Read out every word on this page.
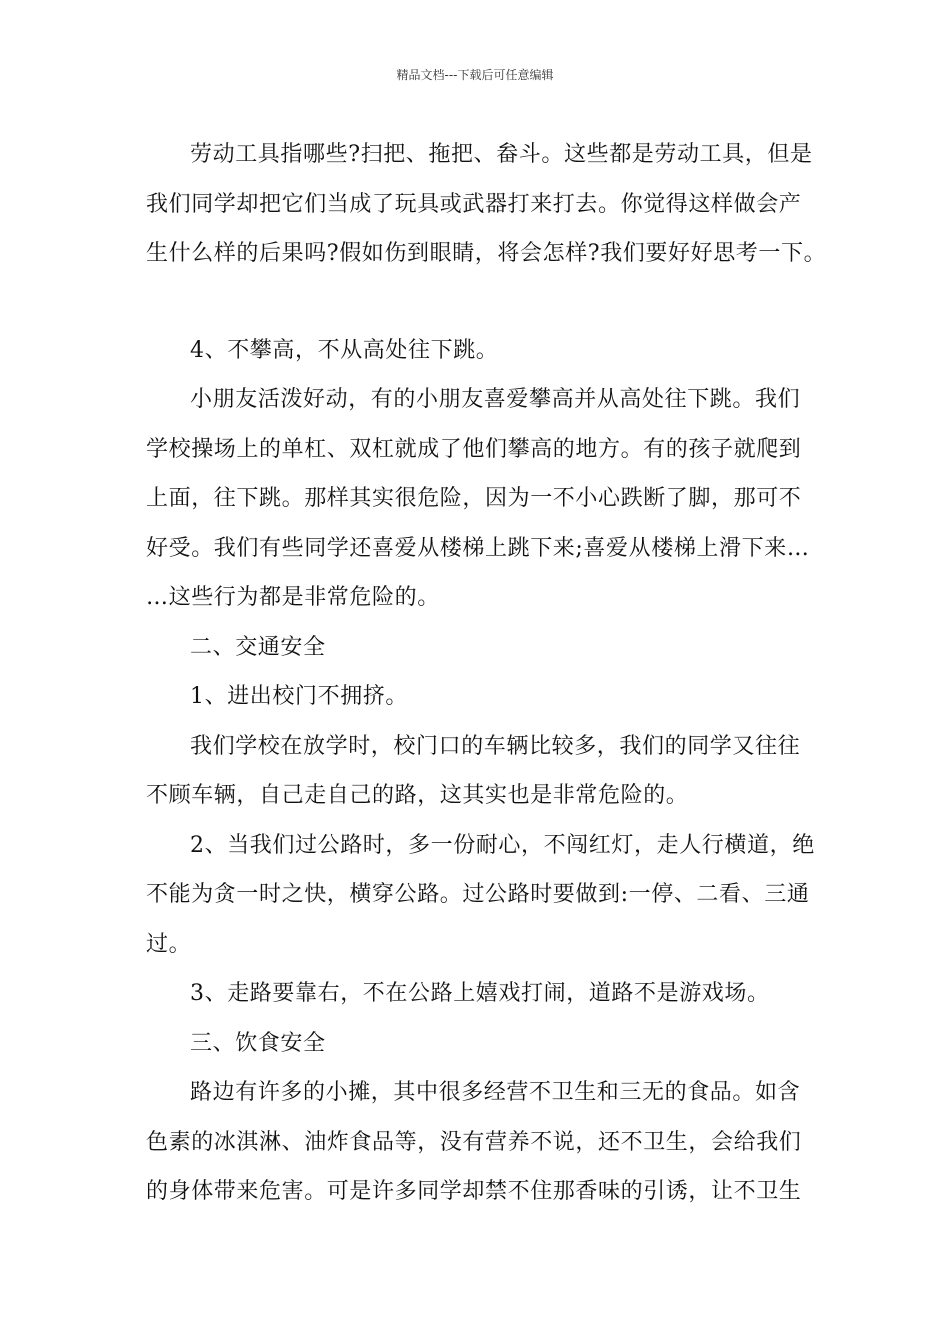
精品文档---下载后可任意编辑

劳动工具指哪些?扫把、拖把、畚斗。这些都是劳动工具，但是
我们同学却把它们当成了玩具或武器打来打去。你觉得这样做会产
生什么样的后果吗?假如伤到眼睛，将会怎样?我们要好好思考一下。

4、不攀高，不从高处往下跳。

小朋友活泼好动，有的小朋友喜爱攀高并从高处往下跳。我们
学校操场上的单杠、双杠就成了他们攀高的地方。有的孩子就爬到
上面，往下跳。那样其实很危险，因为一不小心跌断了脚，那可不
好受。我们有些同学还喜爱从楼梯上跳下来;喜爱从楼梯上滑下来…
…这些行为都是非常危险的。

二、交通安全

1、进出校门不拥挤。

我们学校在放学时，校门口的车辆比较多，我们的同学又往往
不顾车辆，自己走自己的路，这其实也是非常危险的。

2、当我们过公路时，多一份耐心，不闯红灯，走人行横道，绝
不能为贪一时之快，横穿公路。过公路时要做到:一停、二看、三通
过。

3、走路要靠右，不在公路上嬉戏打闹，道路不是游戏场。

三、饮食安全

路边有许多的小摊，其中很多经营不卫生和三无的食品。如含
色素的冰淇淋、油炸食品等，没有营养不说，还不卫生，会给我们
的身体带来危害。可是许多同学却禁不住那香味的引诱，让不卫生
